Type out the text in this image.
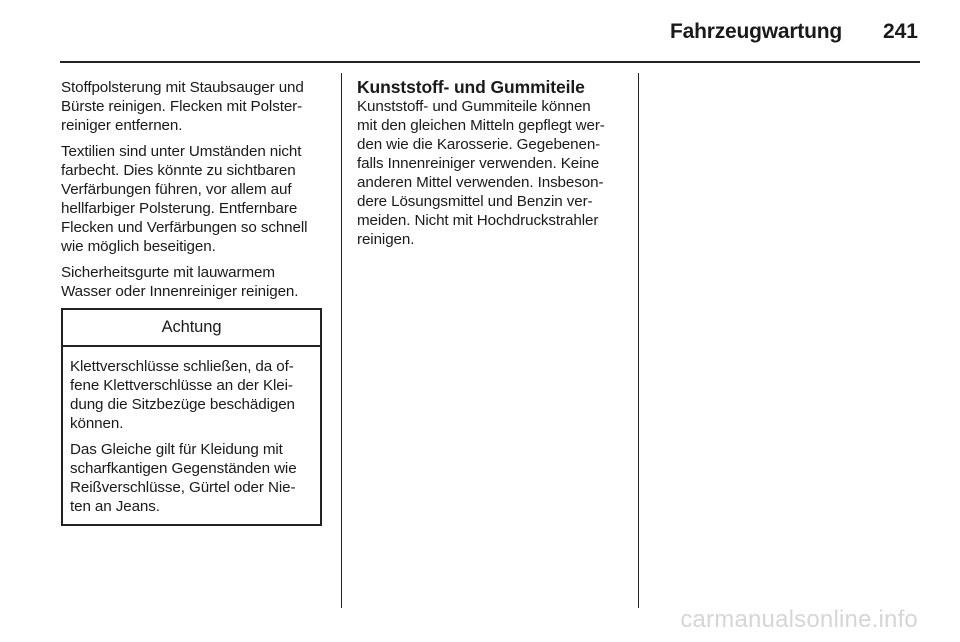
Fahrzeugwartung 241
Stoffpolsterung mit Staubsauger und
Bürste reinigen. Flecken mit Polster-
reiniger entfernen.
Textilien sind unter Umständen nicht
farbecht. Dies könnte zu sichtbaren
Verfärbungen führen, vor allem auf
hellfarbiger Polsterung. Entfernbare
Flecken und Verfärbungen so schnell
wie möglich beseitigen.
Sicherheitsgurte mit lauwarmem
Wasser oder Innenreiniger reinigen.
Achtung
Klettverschlüsse schließen, da of-
fene Klettverschlüsse an der Klei-
dung die Sitzbezüge beschädigen
können.
Das Gleiche gilt für Kleidung mit
scharfkantigen Gegenständen wie
Reißverschlüsse, Gürtel oder Nie-
ten an Jeans.
Kunststoff- und Gummiteile
Kunststoff- und Gummiteile können
mit den gleichen Mitteln gepflegt wer-
den wie die Karosserie. Gegebenen-
falls Innenreiniger verwenden. Keine
anderen Mittel verwenden. Insbeson-
dere Lösungsmittel und Benzin ver-
meiden. Nicht mit Hochdruckstrahler
reinigen.
carmanualsonline.info
